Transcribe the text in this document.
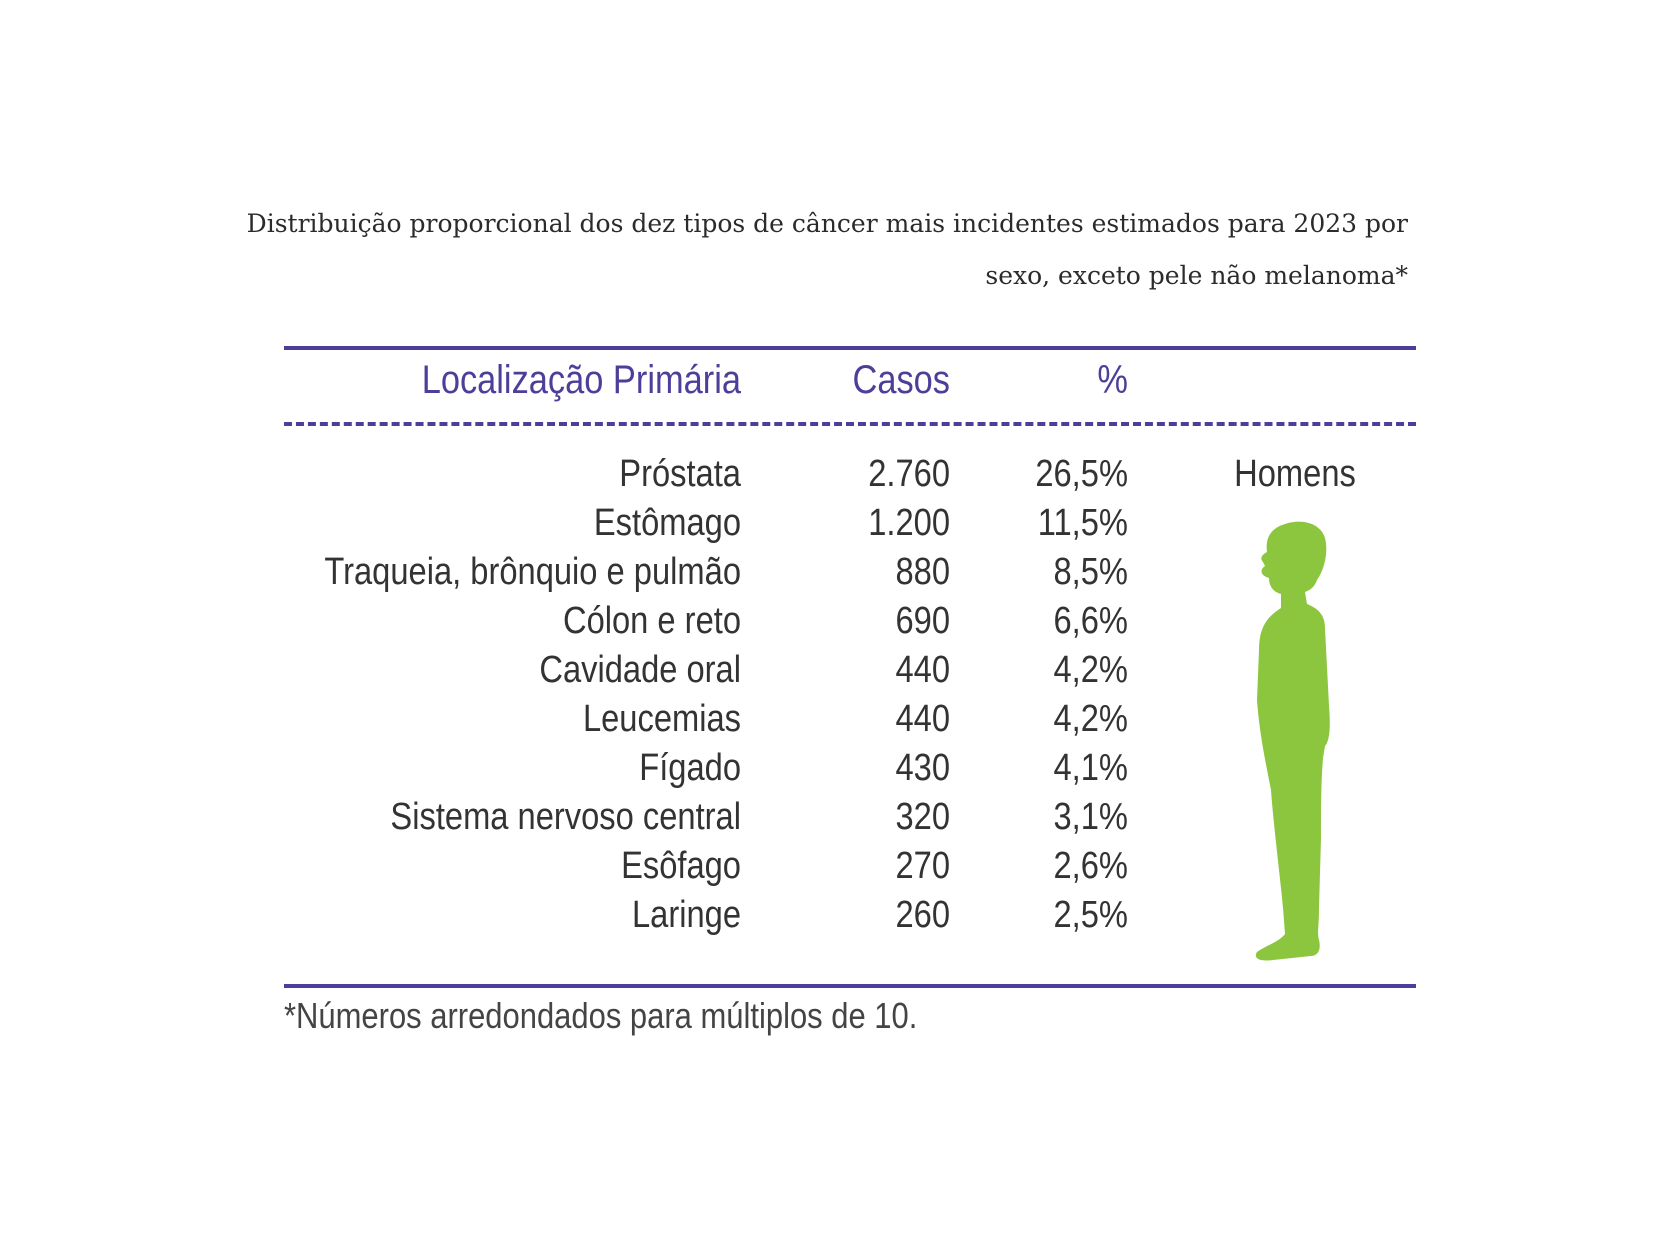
Distribuição proporcional dos dez tipos de câncer mais incidentes estimados para 2023 por
sexo, exceto pele não melanoma*
Localização Primária	Casos	%
Próstata	2.760	26,5%
Estômago	1.200	11,5%
Traqueia, brônquio e pulmão	880	8,5%
Cólon e reto	690	6,6%
Cavidade oral	440	4,2%
Leucemias	440	4,2%
Fígado	430	4,1%
Sistema nervoso central	320	3,1%
Esôfago	270	2,6%
Laringe	260	2,5%
Homens
*Números arredondados para múltiplos de 10.
